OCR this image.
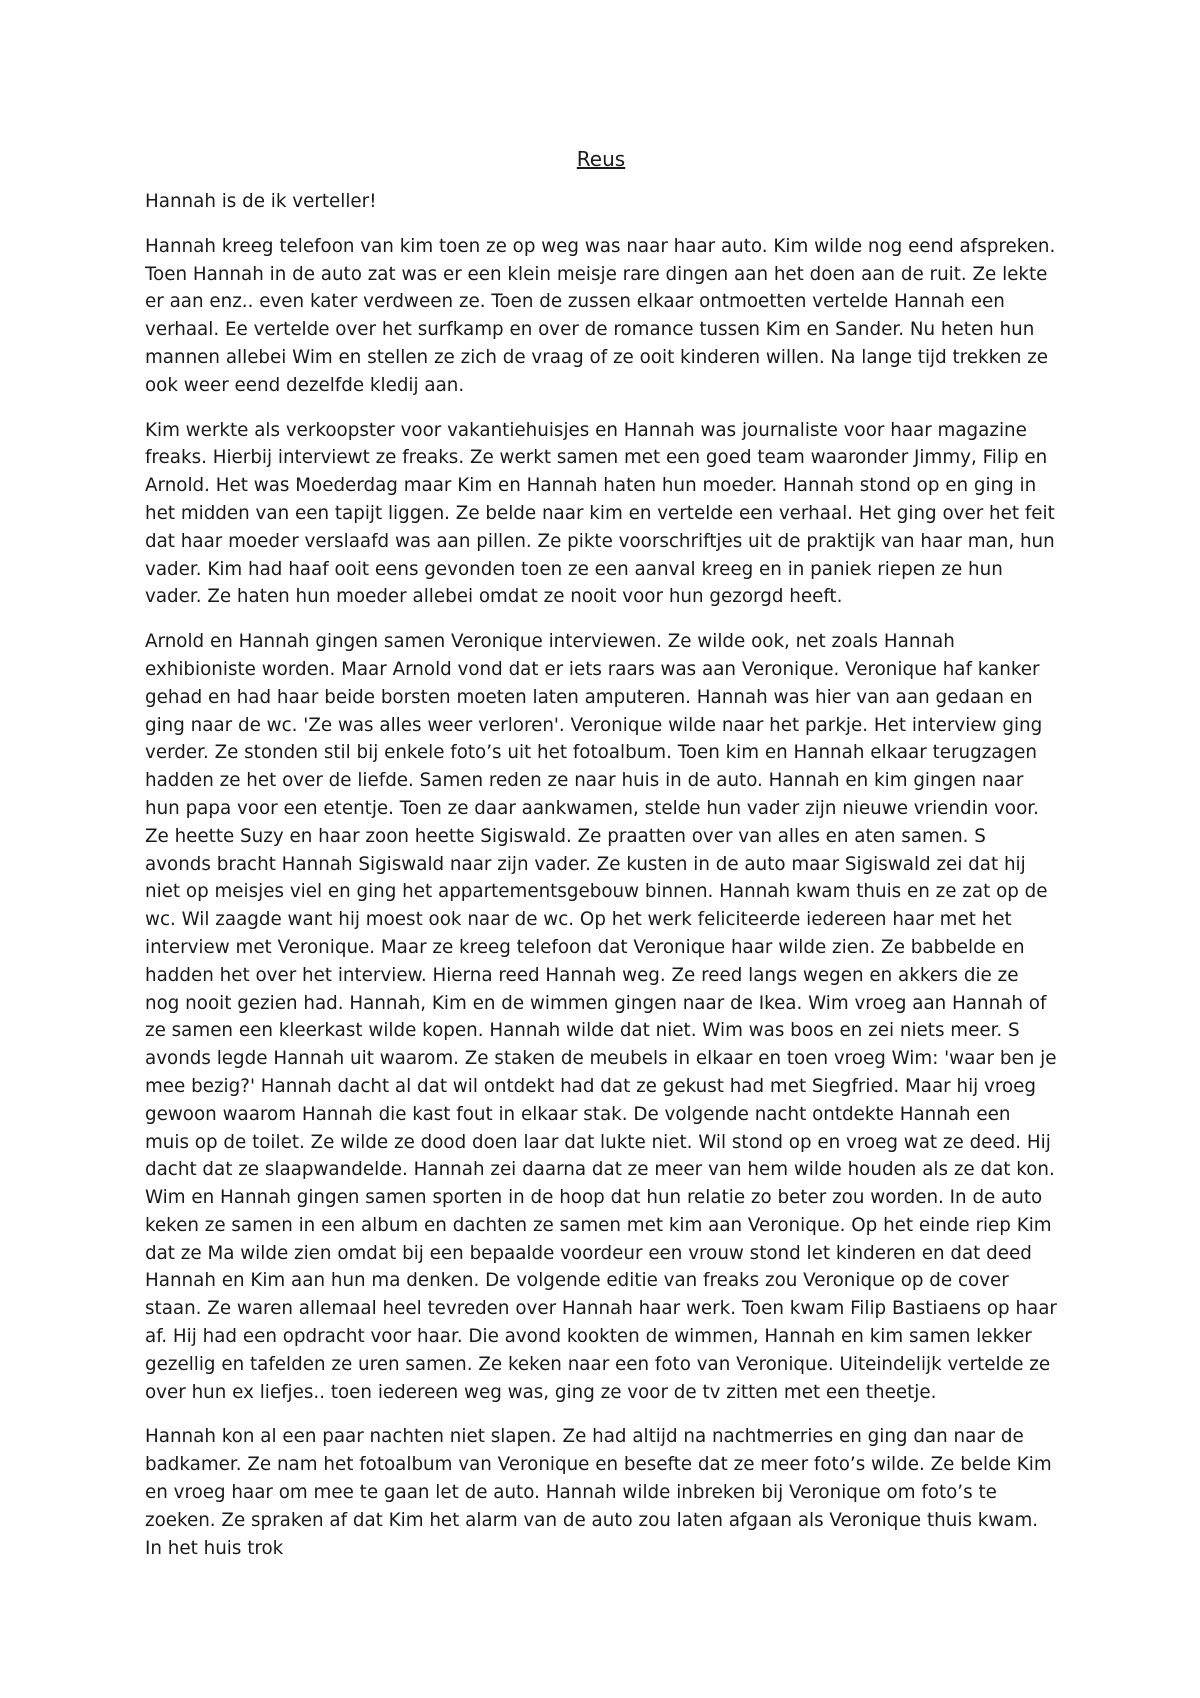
Reus

Hannah is de ik verteller!

Hannah kreeg telefoon van kim toen ze op weg was naar haar auto. Kim wilde nog eend afspreken. Toen Hannah in de auto zat was er een klein meisje rare dingen aan het doen aan de ruit. Ze lekte er aan enz.. even kater verdween ze. Toen de zussen elkaar ontmoetten vertelde Hannah een verhaal. Ee vertelde over het surfkamp en over de romance tussen Kim en Sander. Nu heten hun mannen allebei Wim en stellen ze zich de vraag of ze ooit kinderen willen. Na lange tijd trekken ze ook weer eend dezelfde kledij aan.

Kim werkte als verkoopster voor vakantiehuisjes en Hannah was journaliste voor haar magazine freaks. Hierbij interviewt ze freaks. Ze werkt samen met een goed team waaronder Jimmy, Filip en Arnold. Het was Moederdag maar Kim en Hannah haten hun moeder. Hannah stond op en ging in het midden van een tapijt liggen. Ze belde naar kim en vertelde een verhaal. Het ging over het feit dat haar moeder verslaafd was aan pillen. Ze pikte voorschriftjes uit de praktijk van haar man, hun vader. Kim had haaf ooit eens gevonden toen ze een aanval kreeg en in paniek riepen ze hun vader. Ze haten hun moeder allebei omdat ze nooit voor hun gezorgd heeft.

Arnold en Hannah gingen samen Veronique interviewen. Ze wilde ook, net zoals Hannah exhibioniste worden. Maar Arnold vond dat er iets raars was aan Veronique. Veronique haf kanker gehad en had haar beide borsten moeten laten amputeren. Hannah was hier van aan gedaan en ging naar de wc. 'Ze was alles weer verloren'. Veronique wilde naar het parkje. Het interview ging verder. Ze stonden stil bij enkele foto’s uit het fotoalbum. Toen kim en Hannah elkaar terugzagen hadden ze het over de liefde. Samen reden ze naar huis in de auto. Hannah en kim gingen naar hun papa voor een etentje. Toen ze daar aankwamen, stelde hun vader zijn nieuwe vriendin voor. Ze heette Suzy en haar zoon heette Sigiswald. Ze praatten over van alles en aten samen. S avonds bracht Hannah Sigiswald naar zijn vader. Ze kusten in de auto maar Sigiswald zei dat hij niet op meisjes viel en ging het appartementsgebouw binnen. Hannah kwam thuis en ze zat op de wc. Wil zaagde want hij moest ook naar de wc. Op het werk feliciteerde iedereen haar met het interview met Veronique. Maar ze kreeg telefoon dat Veronique haar wilde zien. Ze babbelde en hadden het over het interview. Hierna reed Hannah weg. Ze reed langs wegen en akkers die ze nog nooit gezien had. Hannah, Kim en de wimmen gingen naar de Ikea. Wim vroeg aan Hannah of ze samen een kleerkast wilde kopen. Hannah wilde dat niet. Wim was boos en zei niets meer. S avonds legde Hannah uit waarom. Ze staken de meubels in elkaar en toen vroeg Wim: 'waar ben je mee bezig?' Hannah dacht al dat wil ontdekt had dat ze gekust had met Siegfried. Maar hij vroeg gewoon waarom Hannah die kast fout in elkaar stak. De volgende nacht ontdekte Hannah een muis op de toilet. Ze wilde ze dood doen laar dat lukte niet. Wil stond op en vroeg wat ze deed. Hij dacht dat ze slaapwandelde. Hannah zei daarna dat ze meer van hem wilde houden als ze dat kon. Wim en Hannah gingen samen sporten in de hoop dat hun relatie zo beter zou worden. In de auto keken ze samen in een album en dachten ze samen met kim aan Veronique. Op het einde riep Kim dat ze Ma wilde zien omdat bij een bepaalde voordeur een vrouw stond let kinderen en dat deed Hannah en Kim aan hun ma denken. De volgende editie van freaks zou Veronique op de cover staan. Ze waren allemaal heel tevreden over Hannah haar werk. Toen kwam Filip Bastiaens op haar af. Hij had een opdracht voor haar. Die avond kookten de wimmen, Hannah en kim samen lekker gezellig en tafelden ze uren samen. Ze keken naar een foto van Veronique. Uiteindelijk vertelde ze over hun ex liefjes.. toen iedereen weg was, ging ze voor de tv zitten met een theetje.

Hannah kon al een paar nachten niet slapen. Ze had altijd na nachtmerries en ging dan naar de badkamer. Ze nam het fotoalbum van Veronique en besefte dat ze meer foto’s wilde. Ze belde Kim en vroeg haar om mee te gaan let de auto. Hannah wilde inbreken bij Veronique om foto’s te zoeken. Ze spraken af dat Kim het alarm van de auto zou laten afgaan als Veronique thuis kwam. In het huis trok
